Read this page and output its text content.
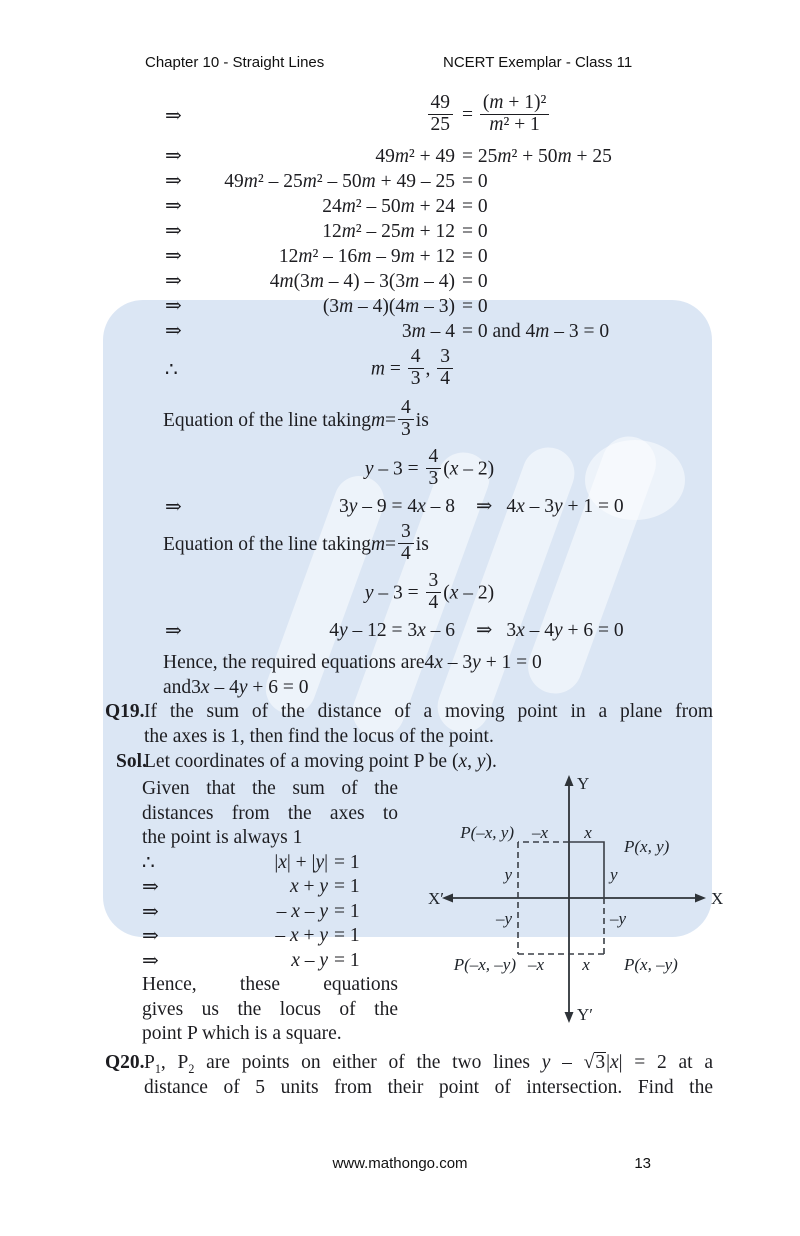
Chapter 10 - Straight Lines	NCERT Exemplar - Class 11
⇒	$\frac{49}{25} = \frac{\text{(m + 1)²}}{\text{m² + 1}}$
⇒	49m² + 49 = 25m² + 50m + 25
⇒	49m² – 25m² – 50m + 49 – 25 = 0
⇒	24m² – 50m + 24 = 0
⇒	12m² – 25m + 12 = 0
⇒	12m² – 16m – 9m + 12 = 0
⇒	4m(3m – 4) – 3(3m – 4) = 0
⇒	(3m – 4)(4m – 3) = 0
⇒	3m – 4 = 0 and 4m – 3 = 0
∴	$m = \frac{4}{3}$ , $\frac{3}{4}$
Equation of the line taking $m = \frac{4}{3}$ is
$y - 3 = \frac{4}{3} (x - 2)$
⇒	3y – 9 = 4x – 8	⇒ 4x – 3y + 1 = 0
Equation of the line taking $m = \frac{3}{4}$ is
$y - 3 = \frac{3}{4} (x - 2)$
⇒	4y – 12 = 3x – 6	⇒ 3x – 4y + 6 = 0
Hence, the required equations are 4x – 3y + 1 = 0
and 3x – 4y + 6 = 0
Q19. If the sum of the distance of a moving point in a plane from
the axes is 1, then find the locus of the point.
Sol.
Let coordinates of a moving point P be (x, y).
Given that the sum of the
distances from the axes to
the point is always 1
∴	|x| + |y| = 1
⇒	x + y = 1
⇒	– x – y = 1
⇒	– x + y = 1
⇒	x – y = 1
Hence, these equations
gives us the locus of the
point P which is a square.
Q20. $P_1$, $P_2$ are points on either of the two lines y – √3|x| = 2 at a
distance of 5 units from their point of intersection. Find the
Y
Y′
X′	X
P(–x, y) –x x
P(x, y)
y	y
–y	–y
P(–x, –y) –x x P(x, –y)
www.mathongo.com	13
